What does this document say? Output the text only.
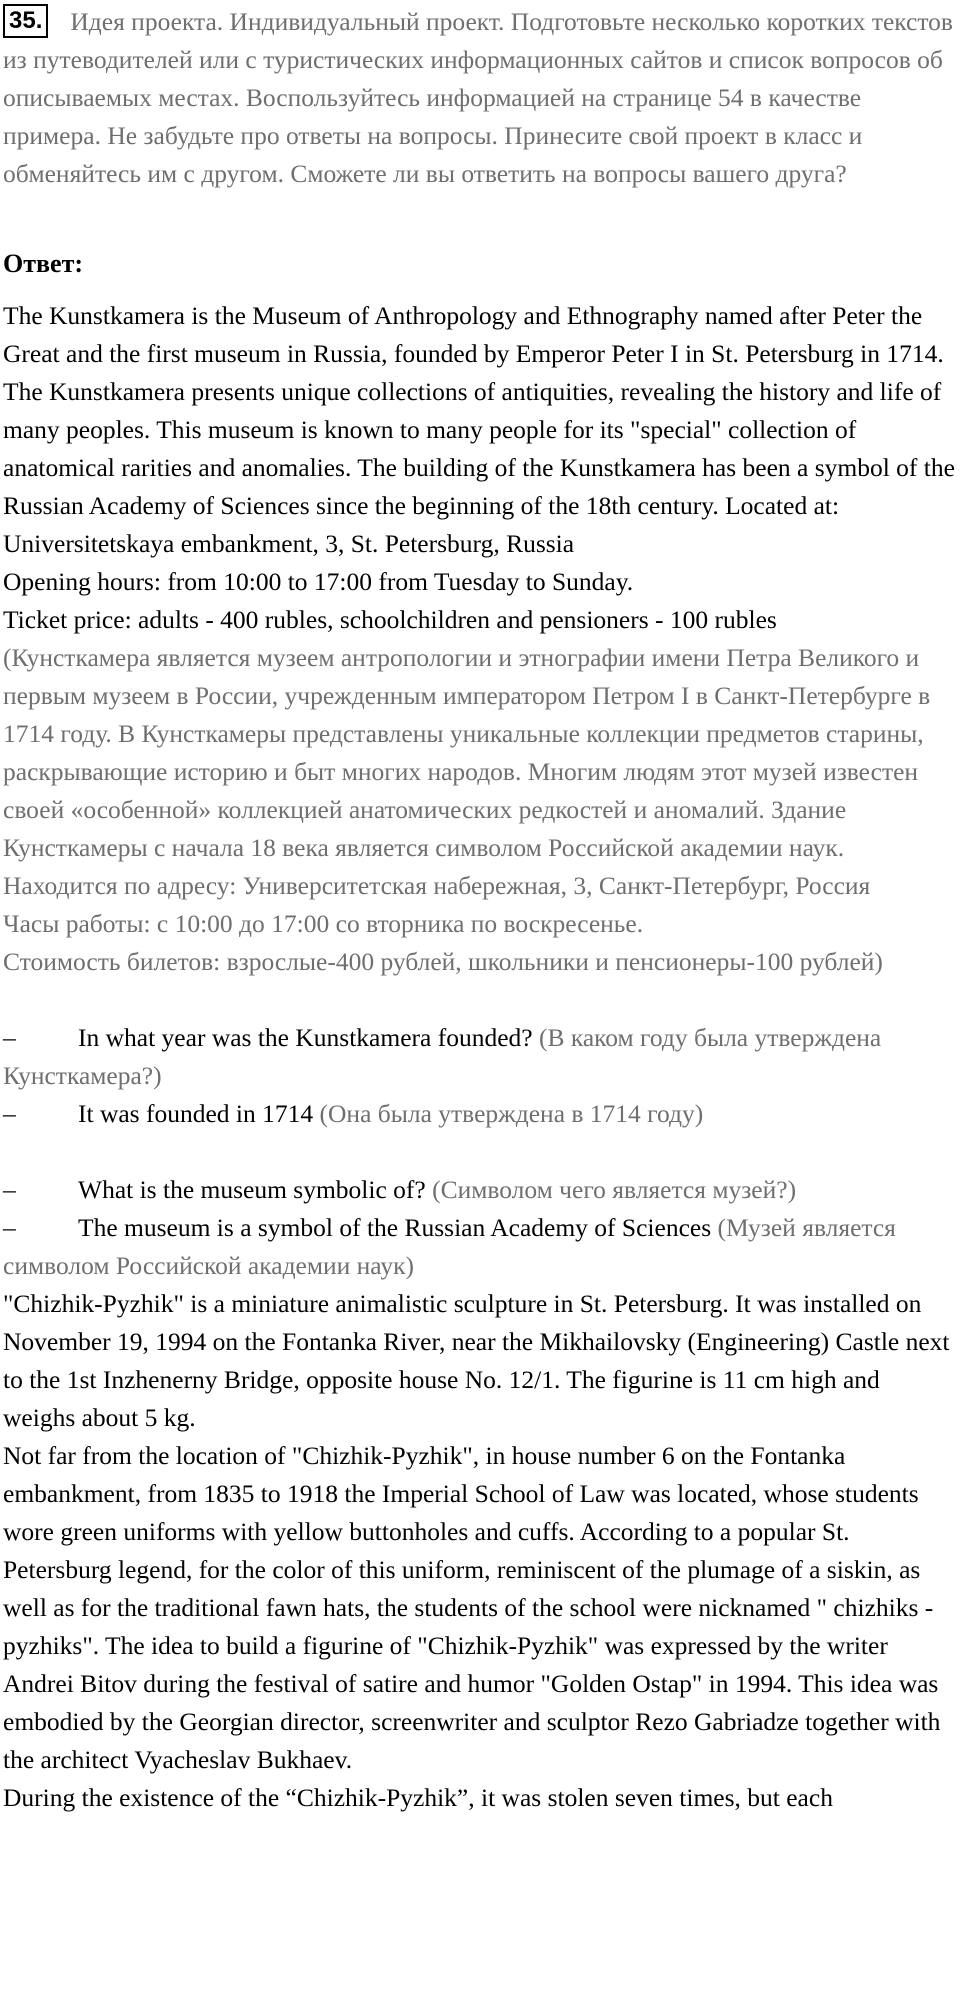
35. Идея проекта. Индивидуальный проект. Подготовьте несколько коротких текстов из путеводителей или с туристических информационных сайтов и список вопросов об описываемых местах. Воспользуйтесь информацией на странице 54 в качестве примера. Не забудьте про ответы на вопросы. Принесите свой проект в класс и обменяйтесь им с другом. Сможете ли вы ответить на вопросы вашего друга?
Ответ:

The Kunstkamera is the Museum of Anthropology and Ethnography named after Peter the Great and the first museum in Russia, founded by Emperor Peter I in St. Petersburg in 1714. The Kunstkamera presents unique collections of antiquities, revealing the history and life of many peoples. This museum is known to many people for its "special" collection of anatomical rarities and anomalies. The building of the Kunstkamera has been a symbol of the Russian Academy of Sciences since the beginning of the 18th century. Located at: Universitetskaya embankment, 3, St. Petersburg, Russia

Opening hours: from 10:00 to 17:00 from Tuesday to Sunday.

Ticket price: adults - 400 rubles, schoolchildren and pensioners - 100 rubles

(Кунсткамера является музеем антропологии и этнографии имени Петра Великого и первым музеем в России, учрежденным императором Петром I в Санкт-Петербурге в 1714 году. В Кунсткамеры представлены уникальные коллекции предметов старины, раскрывающие историю и быт многих народов. Многим людям этот музей известен своей «особенной» коллекцией анатомических редкостей и аномалий. Здание Кунсткамеры с начала 18 века является символом Российской академии наук. Находится по адресу: Университетская набережная, 3, Санкт-Петербург, Россия

Часы работы: с 10:00 до 17:00 со вторника по воскресенье.

Стоимость билетов: взрослые-400 рублей, школьники и пенсионеры-100 рублей)

– In what year was the Kunstkamera founded? (В каком году была утверждена Кунсткамера?)

– It was founded in 1714 (Она была утверждена в 1714 году)

– What is the museum symbolic of? (Символом чего является музей?)

– The museum is a symbol of the Russian Academy of Sciences (Музей является символом Российской академии наук)

"Chizhik-Pyzhik" is a miniature animalistic sculpture in St. Petersburg. It was installed on November 19, 1994 on the Fontanka River, near the Mikhailovsky (Engineering) Castle next to the 1st Inzhenerny Bridge, opposite house No. 12/1. The figurine is 11 cm high and weighs about 5 kg.

Not far from the location of "Chizhik-Pyzhik", in house number 6 on the Fontanka embankment, from 1835 to 1918 the Imperial School of Law was located, whose students wore green uniforms with yellow buttonholes and cuffs. According to a popular St. Petersburg legend, for the color of this uniform, reminiscent of the plumage of a siskin, as well as for the traditional fawn hats, the students of the school were nicknamed " chizhiks -pyzhiks". The idea to build a figurine of "Chizhik-Pyzhik" was expressed by the writer Andrei Bitov during the festival of satire and humor "Golden Ostap" in 1994. This idea was embodied by the Georgian director, screenwriter and sculptor Rezo Gabriadze together with the architect Vyacheslav Bukhaev.

During the existence of the “Chizhik-Pyzhik”, it was stolen seven times, but each
